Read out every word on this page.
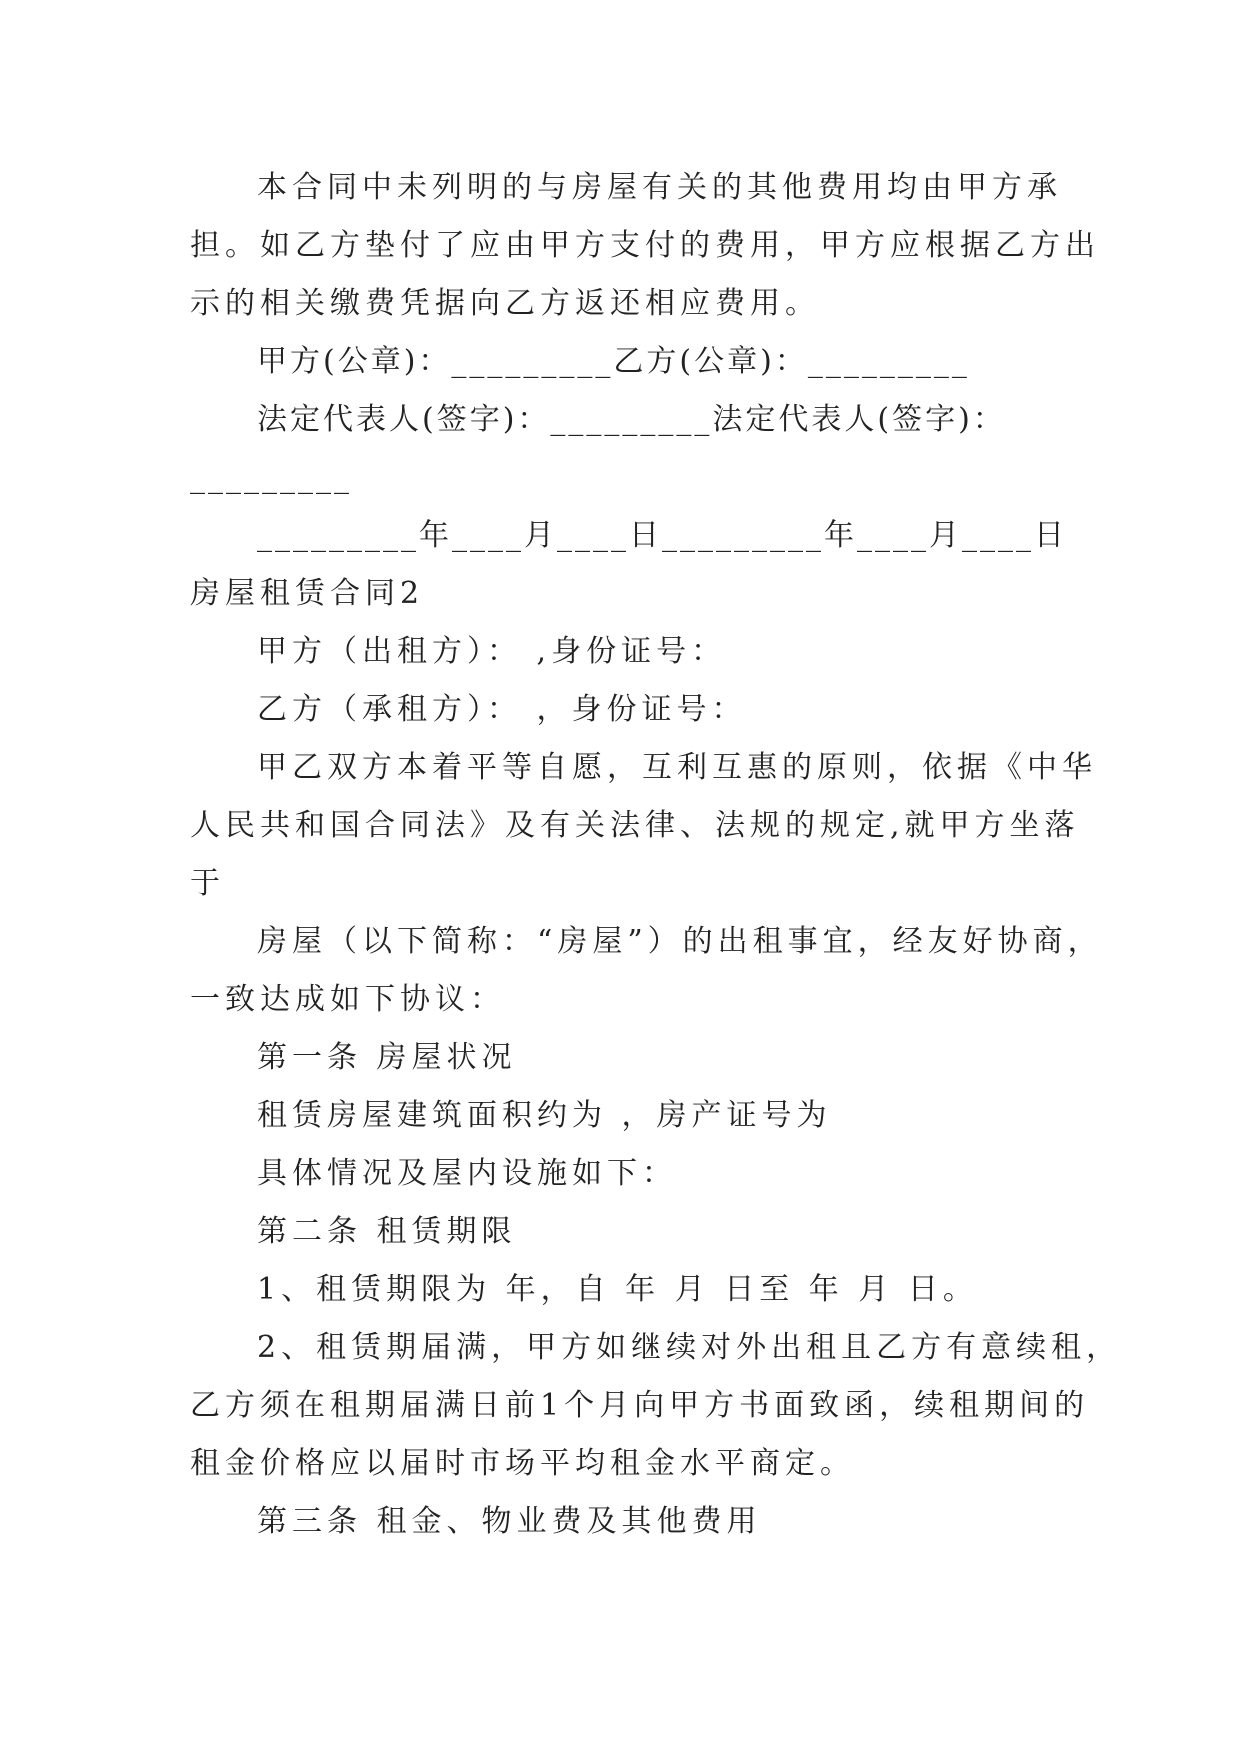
本合同中未列明的与房屋有关的其他费用均由甲方承
担。如乙方垫付了应由甲方支付的费用，甲方应根据乙方出
示的相关缴费凭据向乙方返还相应费用。
甲方(公章)：_________乙方(公章)：_________
法定代表人(签字)：_________法定代表人(签字)：
_________
_________年____月____日_________年____月____日
房屋租赁合同2
甲方（出租方）： ,身份证号：
乙方（承租方）： ，身份证号：
甲乙双方本着平等自愿，互利互惠的原则，依据《中华
人民共和国合同法》及有关法律、法规的规定,就甲方坐落
于
房屋（以下简称：“房屋”）的出租事宜，经友好协商，
一致达成如下协议：
第一条 房屋状况
租赁房屋建筑面积约为 ，房产证号为
具体情况及屋内设施如下：
第二条 租赁期限
1、租赁期限为 年，自 年 月 日至 年 月 日。
2、租赁期届满，甲方如继续对外出租且乙方有意续租，
乙方须在租期届满日前1个月向甲方书面致函，续租期间的
租金价格应以届时市场平均租金水平商定。
第三条 租金、物业费及其他费用
